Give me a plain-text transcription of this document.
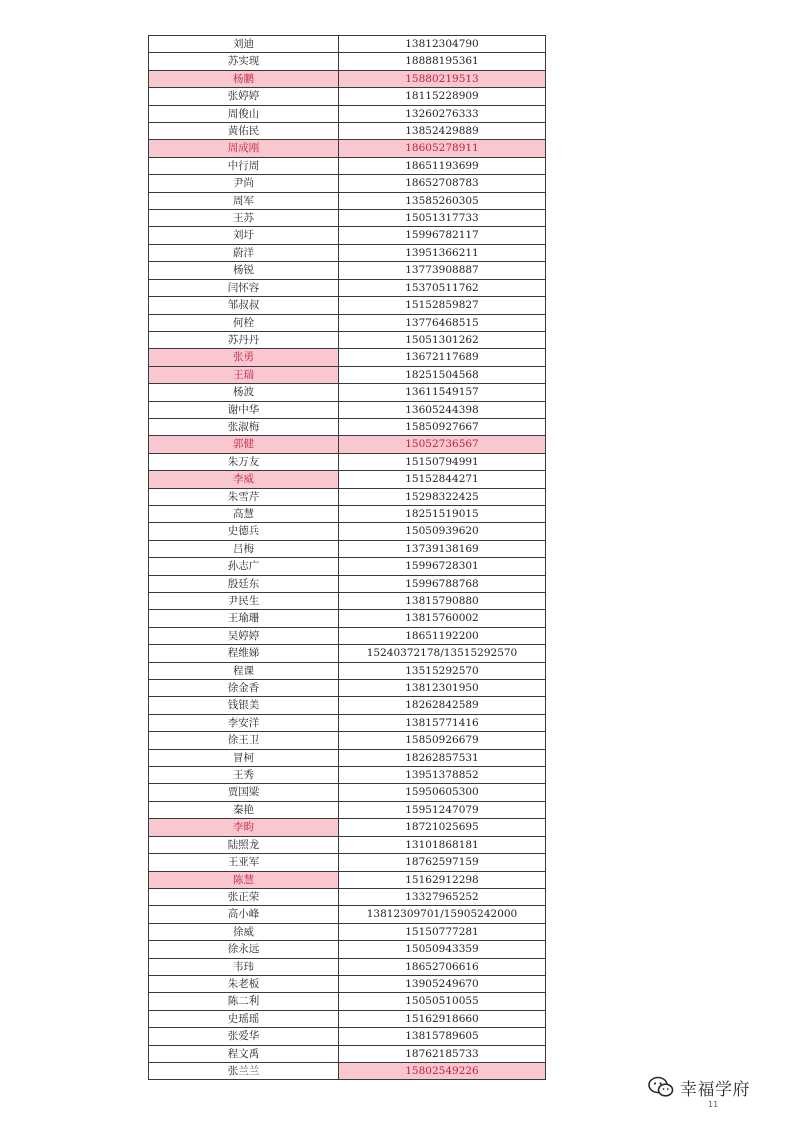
刘迪	13812304790
苏实现	18888195361
杨鹏	15880219513
张婷婷	18115228909
周俊山	13260276333
黄佑民	13852429889
周成刚	18605278911
中行周	18651193699
尹尚	18652708783
周军	13585260305
王苏	15051317733
刘圩	15996782117
蔚洋	13951366211
杨锐	13773908887
闫怀容	15370511762
邹叔叔	15152859827
何栓	13776468515
苏丹丹	15051301262
张勇	13672117689
王瑞	18251504568
杨波	13611549157
谢中华	13605244398
张淑梅	15850927667
郭健	15052736567
朱万友	15150794991
李威	15152844271
朱雪芹	15298322425
高慧	18251519015
史德兵	15050939620
吕梅	13739138169
孙志广	15996728301
殷廷东	15996788768
尹民生	13815790880
王瑜珊	13815760002
吴婷婷	18651192200
程维娣	15240372178/13515292570
程课	13515292570
徐金香	13812301950
钱银美	18262842589
李安洋	13815771416
徐王卫	15850926679
冒柯	18262857531
王秀	13951378852
贾国梁	15950605300
秦艳	15951247079
李畇	18721025695
陆照龙	13101868181
王亚军	18762597159
陈慧	15162912298
张正荣	13327965252
高小峰	13812309701/15905242000
徐威	15150777281
徐永远	15050943359
韦玮	18652706616
朱老板	13905249670
陈二利	15050510055
史瑶瑶	15162918660
张爱华	13815789605
程文禹	18762185733
张兰兰	15802549226
幸福学府
11
